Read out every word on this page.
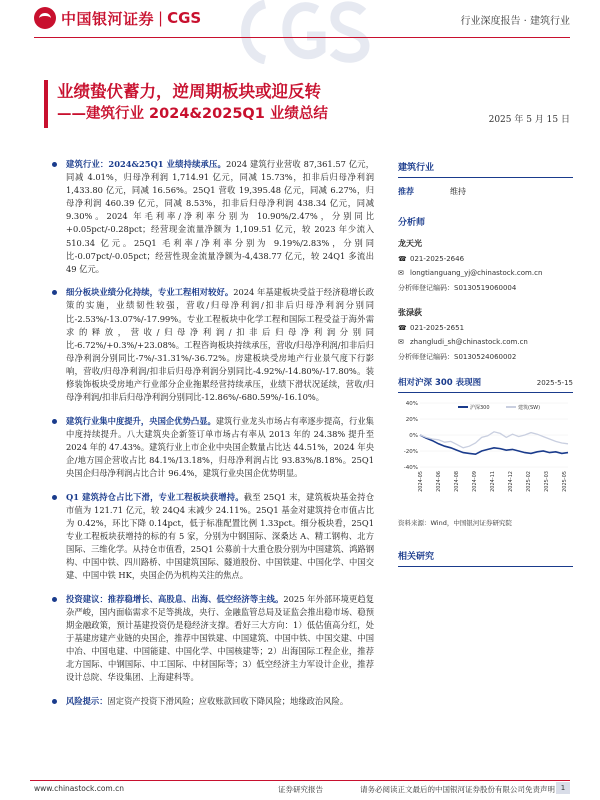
中国银河证券 | CGS	行业深度报告 · 建筑行业
业绩蛰伏蓄力，逆周期板块或迎反转
——建筑行业 2024&2025Q1 业绩总结	2025 年 5 月 15 日
建筑行业：2024&25Q1 业绩持续承压。2024 建筑行业营收 87,361.57 亿元，同减 4.01%，归母净利润 1,714.91 亿元，同减 15.73%，扣非后归母净利润 1,433.80 亿元，同减 16.56%。25Q1 营收 19,395.48 亿元，同减 6.27%，归母净利润 460.39 亿元，同减 8.53%，扣非后归母净利润 438.34 亿元，同减 9.30%。2024 年毛利率/净利率分别为 10.90%/2.47%，分别同比+0.05pct/-0.28pct；经营现金流量净额为 1,109.51 亿元，较 2023 年少流入 510.34 亿元。25Q1 毛利率/净利率分别为 9.19%/2.83%，分别同比-0.07pct/-0.05pct；经营性现金流量净额为-4,438.77 亿元，较 24Q1 多流出 49 亿元。
细分板块业绩分化持续，专业工程相对较好。2024 年基建板块受益于经济稳增长政策的实施，业绩韧性较强，营收/归母净利润/扣非后归母净利润分别同比-2.53%/-13.07%/-17.99%。专业工程板块中化学工程和国际工程受益于海外需求的释放，营收/归母净利润/扣非后归母净利润分别同比-6.72%/+0.3%/+23.08%。工程咨询板块持续承压，营收/归母净利润/扣非后归母净利润分别同比-7%/-31.31%/-36.72%。房建板块受房地产行业景气度下行影响，营收/归母净利润/扣非后归母净利润分别同比-4.92%/-14.80%/-17.80%。装修装饰板块受房地产行业部分企业拖累经营持续承压，业绩下滑状况延续，营收/归母净利润/扣非后归母净利润分别同比-12.86%/-680.59%/-16.10%。
建筑行业集中度提升，央国企优势凸显。建筑行业龙头市场占有率逐步提高，行业集中度持续提升。八大建筑央企新签订单市场占有率从 2013 年的 24.38% 提升至 2024 年的 47.43%。建筑行业上市企业中央国企数量占比达 44.51%，2024 年央企/地方国企营收占比 84.1%/13.18%，归母净利润占比 93.83%/8.18%。25Q1 央国企归母净利润占比合计 96.4%，建筑行业央国企优势明显。
Q1 建筑持仓占比下滑，专业工程板块获增持。截至 25Q1 末，建筑板块基金持仓市值为 121.71 亿元，较 24Q4 末减少 24.11%。25Q1 基金对建筑持仓市值占比为 0.42%，环比下降 0.14pct，低于标准配置比例 1.33pct。细分板块看，25Q1 专业工程板块获增持的标的有 5 家，分别为中钢国际、深桑达 A、精工钢构、北方国际、三维化学。从持仓市值看，25Q1 公募前十大重仓股分别为中国建筑、鸿路钢构、中国中铁、四川路桥、中国建筑国际、隧道股份、中国铁建、中国化学、中国交建、中国中铁 HK，央国企仍为机构关注的焦点。
投资建议：推荐稳增长、高股息、出海、低空经济等主线。2025 年外部环境更趋复杂严峻，国内面临需求不足等挑战，央行、金融监管总局及证监会推出稳市场、稳预期金融政策，预计基建投资仍是稳经济支撑。看好三大方向：1）低估值高分红，处于基建房建产业链的央国企，推荐中国铁建、中国建筑、中国中铁、中国交建、中国中冶、中国电建、中国能建、中国化学、中国核建等；2）出海国际工程企业，推荐北方国际、中钢国际、中工国际、中材国际等；3）低空经济主力军设计企业，推荐设计总院、华设集团、上海建科等。
风险提示：固定资产投资下滑风险；应收账款回收下降风险；地缘政治风险。
建筑行业
推荐	维持
分析师
龙天光
☎ 021-2025-2646
✉ longtianguang_yj@chinastock.com.cn
分析师登记编码：S0130519060004
张渌荻
☎ 021-2025-2651
✉ zhangludi_sh@chinastock.com.cn
分析师登记编码：S0130524060002
相对沪深 300 表现图	2025-5-15
40%
20%
0%
-20%
-40%
沪深300	建筑(SW)
2024-05 2024-06 2024-08 2024-09 2024-11 2024-12 2025-02 2025-03 2025-05
资料来源：Wind，中国银河证券研究院
相关研究
www.chinastock.com.cn	证券研究报告	请务必阅读正文最后的中国银河证券股份有限公司免责声明 1
